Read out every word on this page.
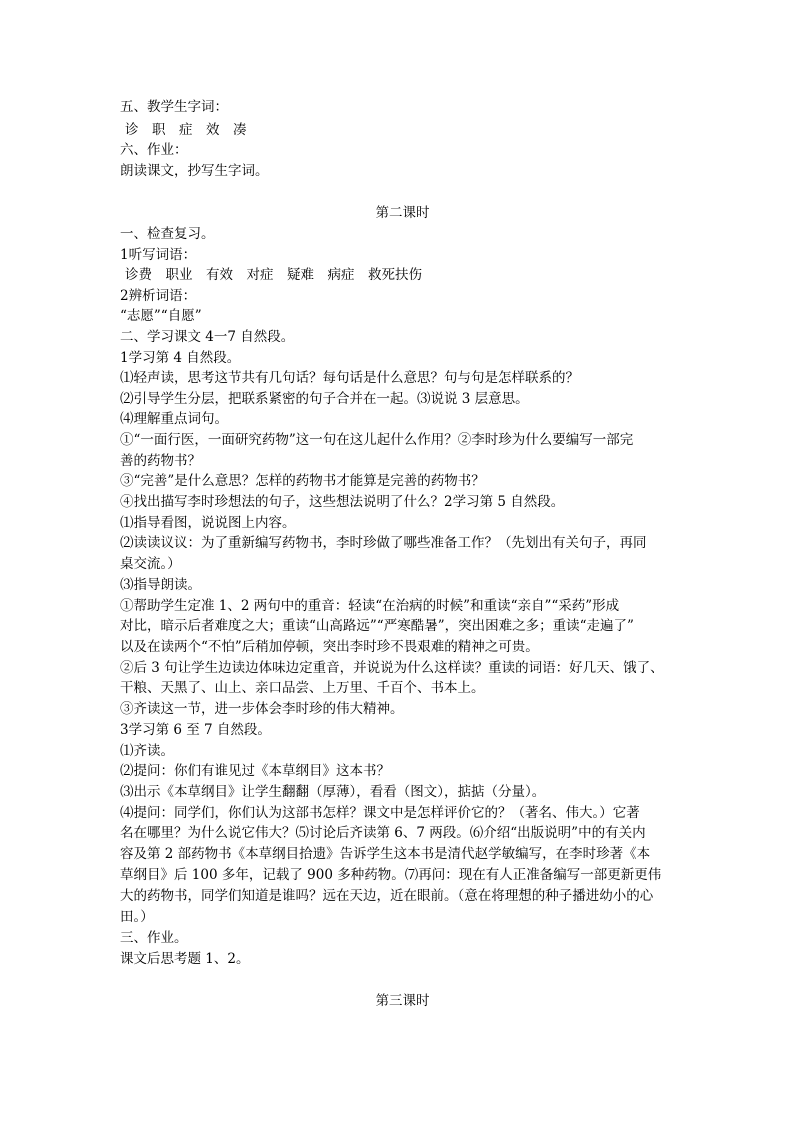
五、教学生字词：
诊　职　症　效　凑
六、作业：
朗读课文，抄写生字词。
第二课时
一、检查复习。
1听写词语：
诊费　职业　有效　对症　疑难　病症　救死扶伤
2辨析词语：
“志愿”“自愿”
二、学习课文 4一7 自然段。
1学习第 4 自然段。
⑴轻声读，思考这节共有几句话？每句话是什么意思？句与句是怎样联系的？
⑵引导学生分层，把联系紧密的句子合并在一起。⑶说说 3 层意思。
⑷理解重点词句。
①“一面行医，一面研究药物”这一句在这儿起什么作用？②李时珍为什么要编写一部完
善的药物书？
③“完善”是什么意思？怎样的药物书才能算是完善的药物书？
④找出描写李时珍想法的句子，这些想法说明了什么？2学习第 5 自然段。
⑴指导看图，说说图上内容。
⑵读读议议：为了重新编写药物书，李时珍做了哪些准备工作？（先划出有关句子，再同
桌交流。）
⑶指导朗读。
①帮助学生定准 1、2 两句中的重音：轻读“在治病的时候”和重读“亲自”“采药”形成
对比，暗示后者难度之大；重读“山高路远”“严寒酷暑”，突出困难之多；重读“走遍了”
以及在读两个“不怕”后稍加停顿，突出李时珍不畏艰难的精神之可贵。
②后 3 句让学生边读边体味边定重音，并说说为什么这样读？重读的词语：好几天、饿了、
干粮、天黑了、山上、亲口品尝、上万里、千百个、书本上。
③齐读这一节，进一步体会李时珍的伟大精神。
3学习第 6 至 7 自然段。
⑴齐读。
⑵提问：你们有谁见过《本草纲目》这本书？
⑶出示《本草纲目》让学生翻翻（厚薄），看看（图文），掂掂（分量）。
⑷提问：同学们，你们认为这部书怎样？课文中是怎样评价它的？（著名、伟大。）它著
名在哪里？为什么说它伟大？⑸讨论后齐读第 6、7 两段。⑹介绍“出版说明”中的有关内
容及第 2 部药物书《本草纲目拾遗》告诉学生这本书是清代赵学敏编写，在李时珍著《本
草纲目》后 100 多年，记载了 900 多种药物。⑺再问：现在有人正准备编写一部更新更伟
大的药物书，同学们知道是谁吗？远在天边，近在眼前。（意在将理想的种子播进幼小的心
田。）
三、作业。
课文后思考题 1、2。
第三课时
